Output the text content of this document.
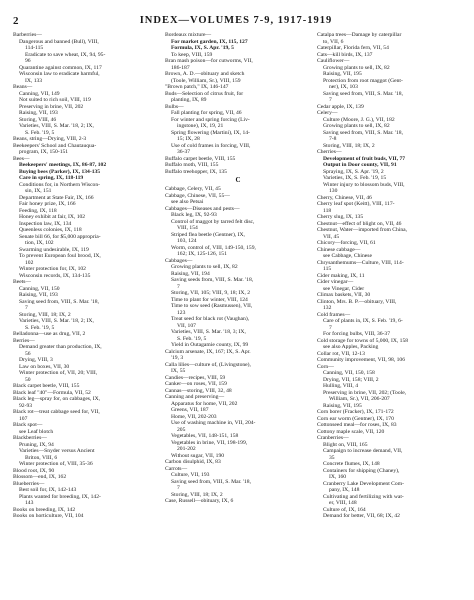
2	INDEX—VOLUMES 7-9, 1917-1919
Barberries—
Dangerous and banned (Bull), VIII,
114-115
Eradicate to save wheat, IX, 94, 95-
96
Quarantine against common, IX, 117
Wisconsin law to eradicate harmful,
IX, 133
Beans—
Canning, VII, 149
Not suited to rich soil, VIII, 119
Preserving in brine, VII, 202
Raising, VII, 193
Storing, VIII, 46
Varieties, VIII, S. Mar. '18, 2; IX,
S. Feb. '19, 5
Beans, string—Drying, VIII, 2-3
Beekeepers' School and Chautauqua-
program, IX, 150-151
Bees—
Beekeepers' meetings, IX, 86-87, 102
Buying bees (Parker), IX, 134-135
Care in spring, IX, 118-119
Conditions for, in Northern Wiscon-
sin, IX, 151
Department at State Fair, IX, 166
Fair honey prize, IX, 166
Feeding, IX, 118
Honey exhibit at fair, IX, 102
Inspection law, IX, 134
Queenless colonies, IX, 118
Senate bill 66, for $5,000 appropria-
tion, IX, 102
Swarming undesirable, IX, 119
To prevent European foul brood, IX,
102
Winter protection for, IX, 102
Wisconsin records, IX, 134-135
Beets—
Canning, VII, 150
Raising, VII, 193
Saving seed from, VIII, S. Mar. '18,
7
Storing, VIII, 18; IX, 2
Varieties, VIII, S. Mar. '18, 2; IX,
S. Feb. '19, 5
Belladonna—use as drug, VII, 2
Berries—
Demand greater than production, IX,
56
Drying, VIII, 3
Law on boxes, VII, 30
Winter protection of, VII, 20; VIII,
50
Black carpet beetle, VIII, 155
Black leaf "40"—Formula, VII, 52
Black leg—spray for, on cabbages, IX,
92-93
Black rot—treat cabbage seed for, VII,
107
Black spot—
see Leaf blotch
Blackberries—
Pruning, IX, 94
Varieties—Snyder versus Ancient
Briton, VIII, 6
Winter protection of, VIII, 35-36
Blood root, IX, 90
Blossom—end, IX, 162
Blueberries—
Best soil for, IX, 142-143
Plants wanted for breeding, IX, 142-
143
Books on breeding, IX, 142
Books on horticulture, VII, 104
Bordeaux mixture—
For market garden, IX, 115, 127
Formula, IX, S. Apr. '19, 5
To keep, VIII, 159
Bran mash poison—for cutworms, VII,
186-187
Brown, A. D.—obituary and sketch
(Toole, William, Sr.), VIII, 159
"Brown patch," IX, 146-147
Buds—Selection of citrus fruit, for
planting, IX, 89
Bulbs—
Fall planting for spring, VII, 46
For winter and spring forcing (Liv-
ingstone), IX, 19, 21
Spring flowering (Martini), IX, 14-
15; IX, 28
Use of cold frames in forcing, VIII,
36-37
Buffalo carpet beetle, VIII, 155
Buffalo moth, VIII, 155
Buffalo treehopper, IX, 135
C
Cabbage, Celery, VII, 45
Cabbage, Chinese, VII, 55—
see also Petsai
Cabbages—Diseases and pests—
Black leg, IX, 92-93
Control of maggot by tarred felt disc,
VIII, 154
Striped flea beetle (Gentner), IX,
103, 124
Worm, control of, VIII, 149-150, 159,
162; IX, 125-126, 151
Cabbages—
Growing plants to sell, IX, 82
Raising, VII, 194
Saving seeds from, VIII, S. Mar. '18,
7
Storing, VII, 105; VIII, 9, 18; IX, 2
Time to plant for winter, VIII, 124
Time to sow seed (Rasmussen), VII,
123
Treat seed for black rot (Vaughan),
VII, 107
Varieties, VIII, S. Mar. '18, 3; IX,
S. Feb. '19, 5
Yield in Outagamie county, IX, 99
Calcium arsenate, IX, 167; IX, S. Apr.
'19, 3
Calla lilies—culture of, (Livingstone),
IX, 55
Candies—recipes, VIII, 59
Canker—on roses, VII, 159
Cannas—storing, VIII, 32, 48
Canning and preserving—
Apparatus for home, VII, 202
Greens, VII, 187
Home, VII, 202-203
Use of washing machine in, VII, 204-
205
Vegetables, VII, 148-151, 158
Vegetables in brine, VII, 198-199,
201-202
Without sugar, VII, 190
Carbon disulphid, IX, 83
Carrots—
Culture, VII, 193
Saving seed from, VIII, S. Mar. '18,
7
Storing, VIII, 18; IX, 2
Case, Russell—obituary, IX, 6
Catalpa trees—Damage by caterpillar
to, VII, 6
Caterpillar, Florida fern, VII, 54
Cats—kill birds, IX, 137
Cauliflower—
Growing plants to sell, IX, 82
Raising, VII, 195
Protection from root maggot (Gent-
ner), IX, 103
Saving seed from, VIII, S. Mar. '18,
7
Cedar apple, IX, 139
Celery—
Culture (Moore, J. G.), VII, 182
Growing plants to sell, IX, 82
Saving seed from, VIII, S. Mar. '18,
7-8
Storing, VIII, 18; IX, 2
Cherries—
Development of fruit buds, VII, 77
Output in Door county, VII, 91
Spraying, IX, S. Apr. '19, 2
Varieties, IX, S. Feb. '19, 15
Winter injury to blossom buds, VIII,
130
Cherry, Chinese, VII, 46
Cherry leaf spot (Keitt), VIII, 117-
118
Cherry slug, IX, 135
Chestnut—effect of blight on, VII, 46
Chestnut, Water—imported from China,
VII, 45
Chicory—forcing, VII, 61
Chinese cabbage—
see Cabbage, Chinese
Chrysanthemums—Culture, VIII, 114-
115
Cider making, IX, 11
Cider vinegar—
see Vinegar, Cider
Climax baskets, VII, 30
Clinton, Mrs. B. P.—obituary, VIII,
132
Cold frames—
Care of plants in, IX, S. Feb. '19, 6-
7
For forcing bulbs, VIII, 36-37
Cold storage for towns of 5,000, IX, 158
see also Apples, Packing
Collar rot, VII, 12-13
Community improvement, VII, 98, 106
Corn—
Canning, VII, 150, 158
Drying, VII, 158; VIII, 2
Hulling, VIII, 4
Preserving in brine, VII, 202; (Toole,
William, Sr.), VII, 206-207
Raising, VII, 195
Corn borer (Fracker), IX, 171-172
Corn ear worm (Gentner), IX, 170
Cottonseed meal—for roses, IX, 83
Cottony maple scale, VII, 120
Cranberries—
Blight on, VIII, 165
Campaign to increase demand, VII,
35
Concrete flumes, IX, 148
Containers for shipping (Chaney),
IX, 160
Cranberry Lake Development Com-
pany, IX, 148
Cultivating and fertilizing with wat-
er, VIII, 148
Culture of, IX, 164
Demand for better, VII, 68; IX, 42
